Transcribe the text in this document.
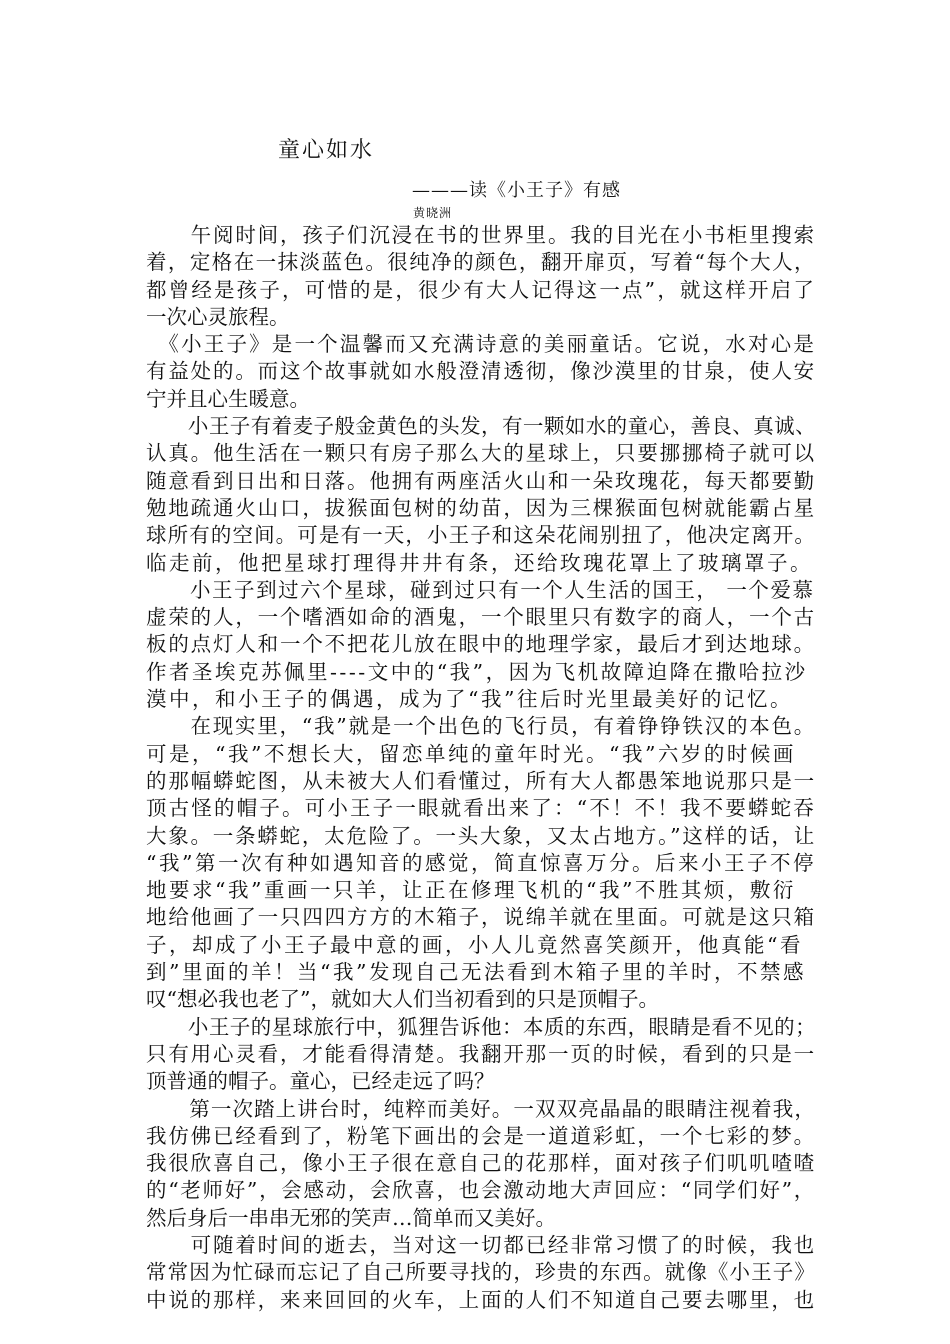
童心如水
———读《小王子》有感
黄晓洲
　　午阅时间，孩子们沉浸在书的世界里。我的目光在小书柜里搜索
着，定格在一抹淡蓝色。很纯净的颜色，翻开扉页，写着“每个大人，
都曾经是孩子，可惜的是，很少有大人记得这一点”，就这样开启了
一次心灵旅程。
　《小王子》是一个温馨而又充满诗意的美丽童话。它说，水对心是
有益处的。而这个故事就如水般澄清透彻，像沙漠里的甘泉，使人安
宁并且心生暖意。
　　小王子有着麦子般金黄色的头发，有一颗如水的童心，善良、真诚、
认真。他生活在一颗只有房子那么大的星球上，只要挪挪椅子就可以
随意看到日出和日落。他拥有两座活火山和一朵玫瑰花，每天都要勤
勉地疏通火山口，拔猴面包树的幼苗，因为三棵猴面包树就能霸占星
球所有的空间。可是有一天，小王子和这朵花闹别扭了，他决定离开。
临走前，他把星球打理得井井有条，还给玫瑰花罩上了玻璃罩子。
　　小王子到过六个星球，碰到过只有一个人生活的国王， 一个爱慕
虚荣的人，一个嗜酒如命的酒鬼，一个眼里只有数字的商人，一个古
板的点灯人和一个不把花儿放在眼中的地理学家，最后才到达地球。
作者圣埃克苏佩里----文中的“我”，因为飞机故障迫降在撒哈拉沙
漠中，和小王子的偶遇，成为了“我”往后时光里最美好的记忆。
　　在现实里，“我”就是一个出色的飞行员，有着铮铮铁汉的本色。
可是，“我”不想长大，留恋单纯的童年时光。“我”六岁的时候画
的那幅蟒蛇图，从未被大人们看懂过，所有大人都愚笨地说那只是一
顶古怪的帽子。可小王子一眼就看出来了：“不！不！我不要蟒蛇吞
大象。一条蟒蛇，太危险了。一头大象，又太占地方。”这样的话，让
“我”第一次有种如遇知音的感觉，简直惊喜万分。后来小王子不停
地要求“我”重画一只羊，让正在修理飞机的“我”不胜其烦，敷衍
地给他画了一只四四方方的木箱子，说绵羊就在里面。可就是这只箱
子，却成了小王子最中意的画，小人儿竟然喜笑颜开，他真能“看
到”里面的羊！当“我”发现自己无法看到木箱子里的羊时，不禁感
叹“想必我也老了”，就如大人们当初看到的只是顶帽子。
　　小王子的星球旅行中，狐狸告诉他：本质的东西，眼睛是看不见的；
只有用心灵看，才能看得清楚。我翻开那一页的时候，看到的只是一
顶普通的帽子。童心，已经走远了吗？
　　第一次踏上讲台时，纯粹而美好。一双双亮晶晶的眼睛注视着我，
我仿佛已经看到了，粉笔下画出的会是一道道彩虹，一个七彩的梦。
我很欣喜自己，像小王子很在意自己的花那样，面对孩子们叽叽喳喳
的“老师好”，会感动，会欣喜，也会激动地大声回应：“同学们好”，
然后身后一串串无邪的笑声…简单而又美好。
　　可随着时间的逝去，当对这一切都已经非常习惯了的时候，我也
常常因为忙碌而忘记了自己所要寻找的，珍贵的东西。就像《小王子》
中说的那样，来来回回的火车，上面的人们不知道自己要去哪里，也
